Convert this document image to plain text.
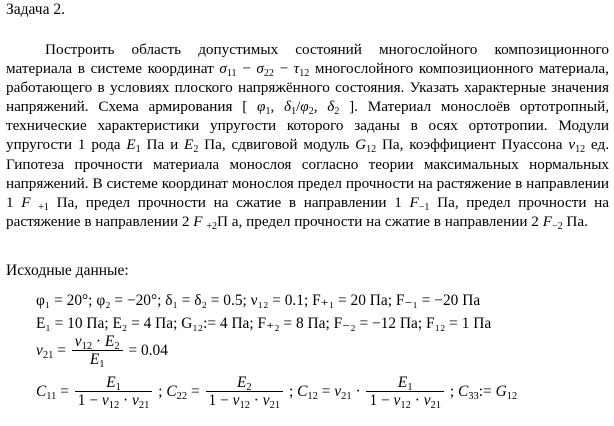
Задача 2.
Построить область допустимых состояний многослойного композиционного материала в системе координат $\sigma_{11} - \sigma_{22} - \tau_{12}$ многослойного композиционного материала, работающего в условиях плоского напряжённого состояния. Указать характерные значения напряжений. Схема армирования [ $\varphi_1$, $\delta_1/\varphi_2$, $\delta_2$ ]. Материал монослоёв ортотропный, технические характеристики упругости которого заданы в осях ортотропии. Модули упругости 1 рода $E_1$ Па и $E_2$ Па, сдвиговой модуль $G_{12}$ Па, коэффициент Пуассона $\nu_{12}$ ед. Гипотеза прочности материала монослоя согласно теории максимальных нормальных напряжений. В системе координат монослоя предел прочности на растяжение в направлении 1 F $_{+1}$ Па, предел прочности на сжатие в направлении 1 $F_{-1}$ Па, предел прочности на растяжение в направлении 2 F $_{+2}$П а, предел прочности на сжатие в направлении 2 $F_{-2}$ Па.
Исходные данные:
φ₁ = 20°; φ₂ = −20°; δ₁ = δ₂ = 0.5; ν₁₂ = 0.1; F₊₁ = 20 Па; F₋₁ = −20 Па
E₁ = 10 Па; E₂ = 4 Па; G₁₂:= 4 Па; F₊₂ = 8 Па; F₋₂ = −12 Па; F₁₂ = 1 Па
$\nu_{21} = \frac{\nu_{12} \cdot E_2}{E_1} = 0.04$
$C_{11} = \frac{E_1}{1 - \nu_{12} \cdot \nu_{21}}$ ; $C_{22} = \frac{E_2}{1 - \nu_{12} \cdot \nu_{21}}$ ; $C_{12} = \nu_{21} \cdot \frac{E_1}{1 - \nu_{12} \cdot \nu_{21}}$ ; $C_{33}:= G_{12}$
